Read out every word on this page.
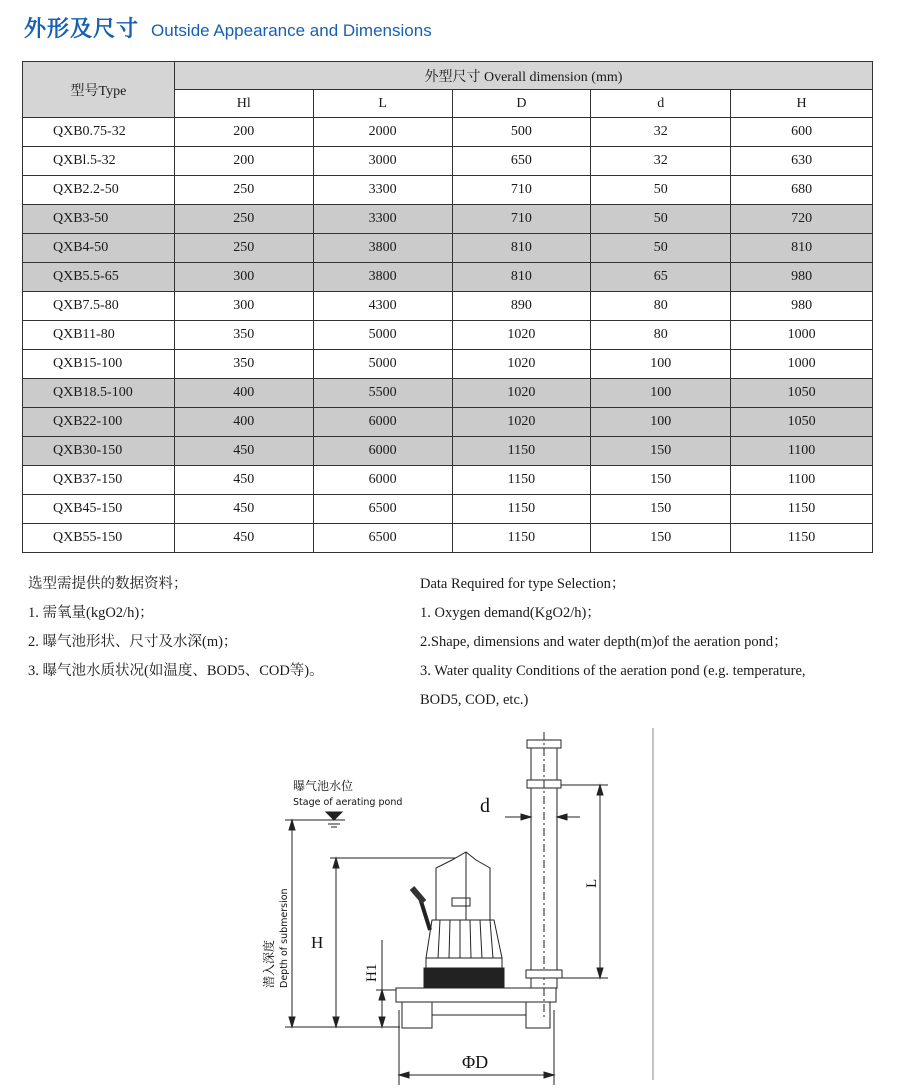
外形及尺寸 Outside Appearance and Dimensions
型号Type	外型尺寸 Overall dimension (mm)				
	Hl	L	D	d	H
QXB0.75-32	200	2000	500	32	600
QXBl.5-32	200	3000	650	32	630
QXB2.2-50	250	3300	710	50	680
QXB3-50	250	3300	710	50	720
QXB4-50	250	3800	810	50	810
QXB5.5-65	300	3800	810	65	980
QXB7.5-80	300	4300	890	80	980
QXB11-80	350	5000	1020	80	1000
QXB15-100	350	5000	1020	100	1000
QXB18.5-100	400	5500	1020	100	1050
QXB22-100	400	6000	1020	100	1050
QXB30-150	450	6000	1150	150	1100
QXB37-150	450	6000	1150	150	1100
QXB45-150	450	6500	1150	150	1150
QXB55-150	450	6500	1150	150	1150
选型需提供的数据资料；
1. 需氧量(kgO2/h)；
2. 曝气池形状、尺寸及水深(m)；
3. 曝气池水质状况(如温度、BOD5、COD等)。
Data Required for type Selection；
1. Oxygen demand(KgO2/h)；
2.Shape, dimensions and water depth(m)of the aeration pond；
3. Water quality Conditions of the aeration pond (e.g. temperature,
BOD5, COD, etc.)
曝气池水位
Stage of aerating pond
潜入深度 Depth of submersion H
H1
d
L
ΦD
